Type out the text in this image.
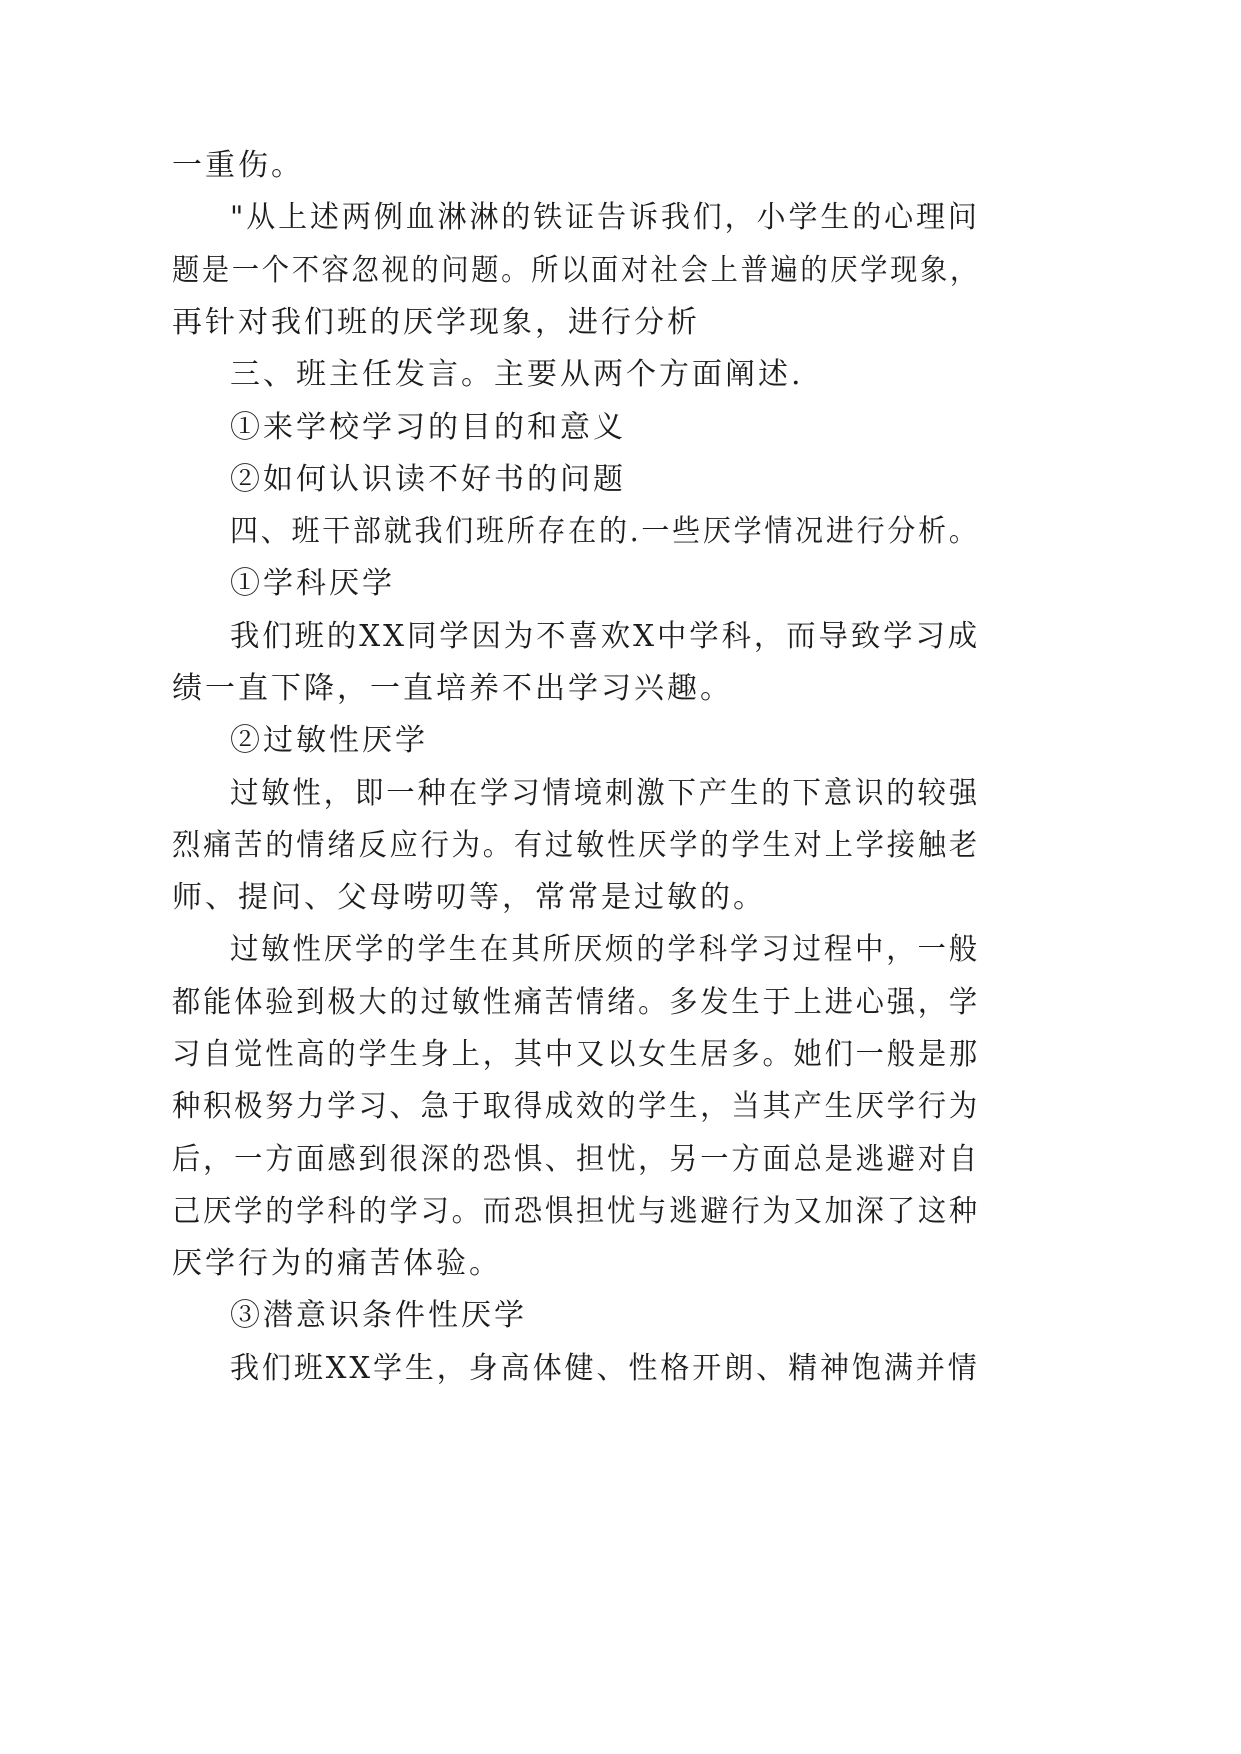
一重伤。
"从上述两例血淋淋的铁证告诉我们，小学生的心理问
题是一个不容忽视的问题。所以面对社会上普遍的厌学现象，
再针对我们班的厌学现象，进行分析
三、班主任发言。主要从两个方面阐述.
①来学校学习的目的和意义
②如何认识读不好书的问题
四、班干部就我们班所存在的.一些厌学情况进行分析。
①学科厌学
我们班的XX同学因为不喜欢X中学科，而导致学习成
绩一直下降，一直培养不出学习兴趣。
②过敏性厌学
过敏性，即一种在学习情境刺激下产生的下意识的较强
烈痛苦的情绪反应行为。有过敏性厌学的学生对上学接触老
师、提问、父母唠叨等，常常是过敏的。
过敏性厌学的学生在其所厌烦的学科学习过程中，一般
都能体验到极大的过敏性痛苦情绪。多发生于上进心强，学
习自觉性高的学生身上，其中又以女生居多。她们一般是那
种积极努力学习、急于取得成效的学生，当其产生厌学行为
后，一方面感到很深的恐惧、担忧，另一方面总是逃避对自
己厌学的学科的学习。而恐惧担忧与逃避行为又加深了这种
厌学行为的痛苦体验。
③潜意识条件性厌学
我们班XX学生，身高体健、性格开朗、精神饱满并情
